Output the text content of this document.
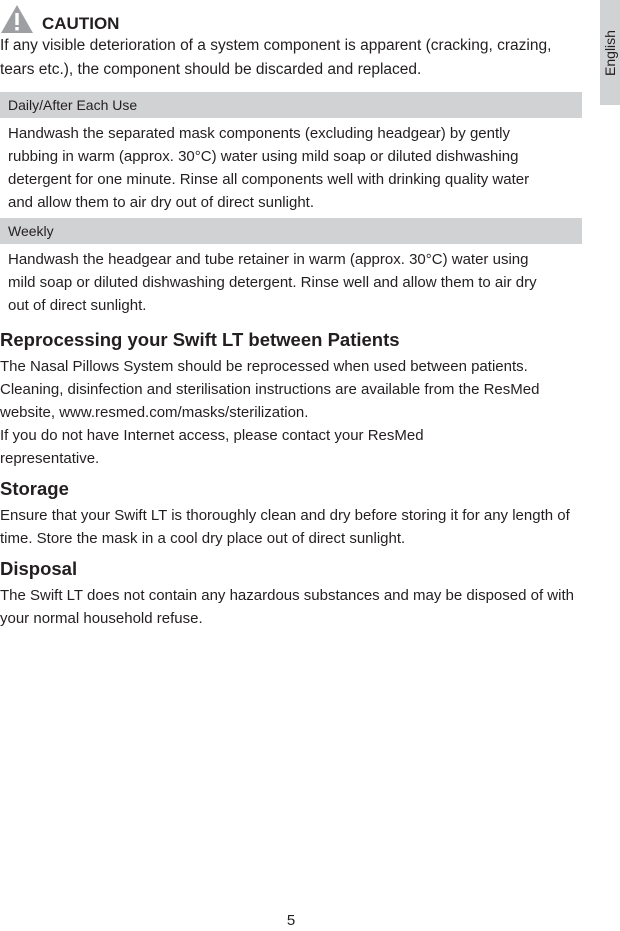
English
CAUTION
If any visible deterioration of a system component is apparent (cracking, crazing, tears etc.), the component should be discarded and replaced.
Daily/After Each Use
Handwash the separated mask components (excluding headgear) by gently rubbing in warm (approx. 30°C) water using mild soap or diluted dishwashing detergent for one minute. Rinse all components well with drinking quality water and allow them to air dry out of direct sunlight.
Weekly
Handwash the headgear and tube retainer in warm (approx. 30°C) water using mild soap or diluted dishwashing detergent. Rinse well and allow them to air dry out of direct sunlight.
Reprocessing your Swift LT between Patients

The Nasal Pillows System should be reprocessed when used between patients. Cleaning, disinfection and sterilisation instructions are available from the ResMed website, www.resmed.com/masks/sterilization.

If you do not have Internet access, please contact your ResMed representative.

Storage

Ensure that your Swift LT is thoroughly clean and dry before storing it for any length of time. Store the mask in a cool dry place out of direct sunlight.

Disposal

The Swift LT does not contain any hazardous substances and may be disposed of with your normal household refuse.

5
